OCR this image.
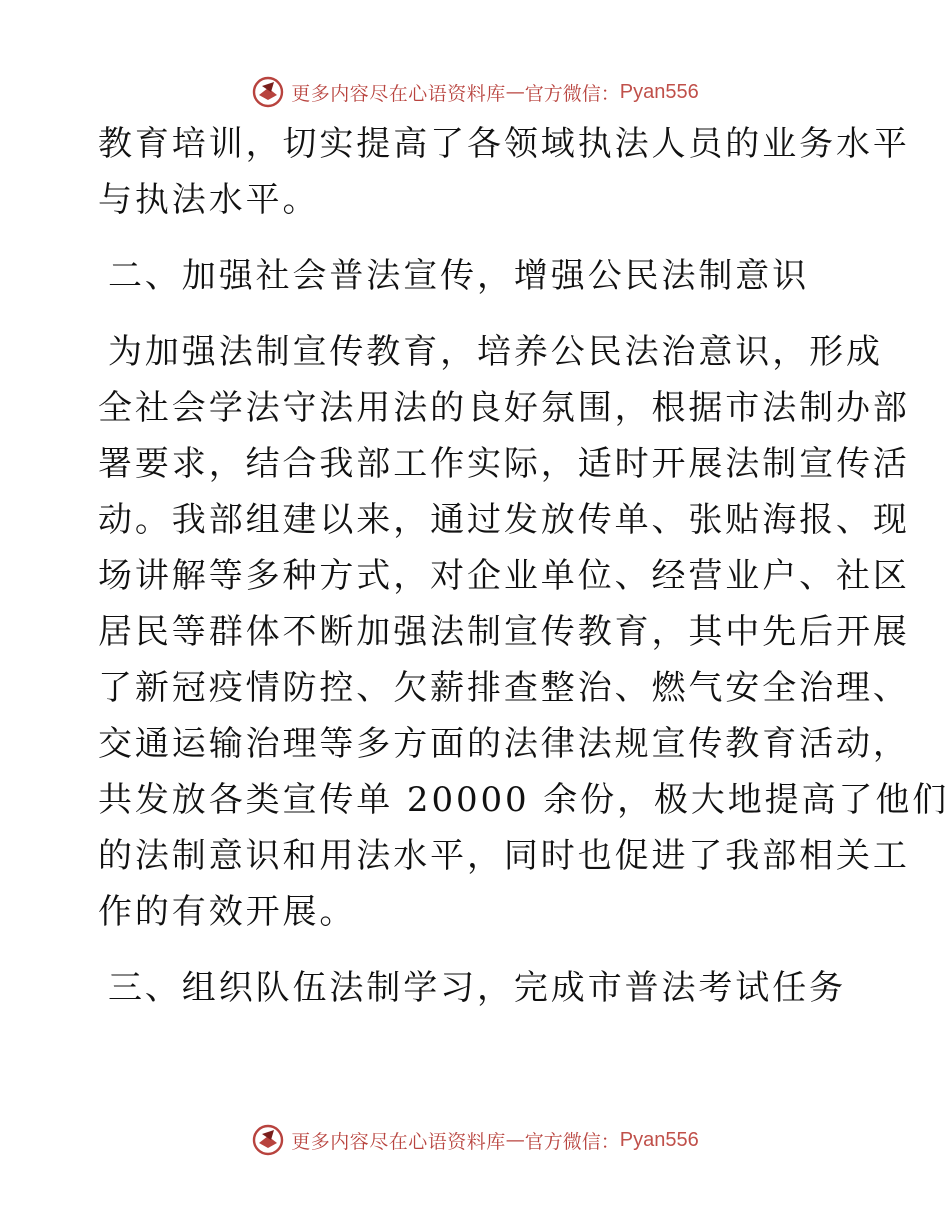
更多内容尽在心语资料库 — 官方微信： Pyan556
教育培训，切实提高了各领域执法人员的业务水平
与执法水平。
二、加强社会普法宣传，增强公民法制意识
为加强法制宣传教育，培养公民法治意识，形成
全社会学法守法用法的良好氛围，根据市法制办部
署要求，结合我部工作实际，适时开展法制宣传活
动。我部组建以来，通过发放传单、张贴海报、现
场讲解等多种方式，对企业单位、经营业户、社区
居民等群体不断加强法制宣传教育，其中先后开展
了新冠疫情防控、欠薪排查整治、燃气安全治理、
交通运输治理等多方面的法律法规宣传教育活动，
共发放各类宣传单 20000 余份，极大地提高了他们
的法制意识和用法水平，同时也促进了我部相关工
作的有效开展。
三、组织队伍法制学习，完成市普法考试任务
更多内容尽在心语资料库 — 官方微信： Pyan556
